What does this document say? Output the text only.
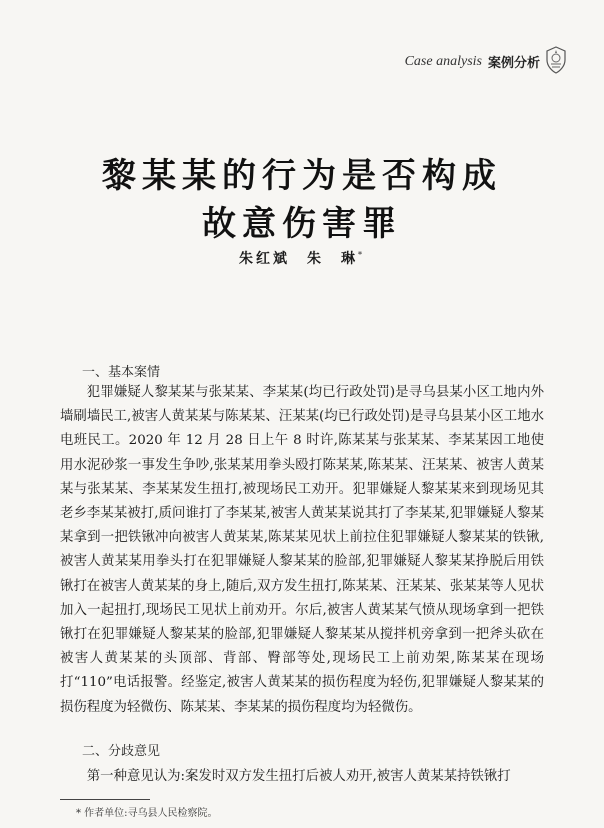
Case analysis 案例分析
黎某某的行为是否构成
故意伤害罪
朱红斌　朱　琳*
一、基本案情
犯罪嫌疑人黎某某与张某某、李某某(均已行政处罚)是寻乌县某小区工地内外墙刷墙民工,被害人黄某某与陈某某、汪某某(均已行政处罚)是寻乌县某小区工地水电班民工。2020 年 12 月 28 日上午 8 时许,陈某某与张某某、李某某因工地使用水泥砂浆一事发生争吵,张某某用拳头殴打陈某某,陈某某、汪某某、被害人黄某某与张某某、李某某发生扭打,被现场民工劝开。犯罪嫌疑人黎某某来到现场见其老乡李某某被打,质问谁打了李某某,被害人黄某某说其打了李某某,犯罪嫌疑人黎某某拿到一把铁锹冲向被害人黄某某,陈某某见状上前拉住犯罪嫌疑人黎某某的铁锹,被害人黄某某用拳头打在犯罪嫌疑人黎某某的脸部,犯罪嫌疑人黎某某挣脱后用铁锹打在被害人黄某某的身上,随后,双方发生扭打,陈某某、汪某某、张某某等人见状加入一起扭打,现场民工见状上前劝开。尔后,被害人黄某某气愤从现场拿到一把铁锹打在犯罪嫌疑人黎某某的脸部,犯罪嫌疑人黎某某从搅拌机旁拿到一把斧头砍在被害人黄某某的头顶部、背部、臀部等处,现场民工上前劝架,陈某某在现场打“110”电话报警。经鉴定,被害人黄某某的损伤程度为轻伤,犯罪嫌疑人黎某某的损伤程度为轻微伤、陈某某、李某某的损伤程度均为轻微伤。
二、分歧意见
第一种意见认为:案发时双方发生扭打后被人劝开,被害人黄某某持铁锹打
* 作者单位:寻乌县人民检察院。
